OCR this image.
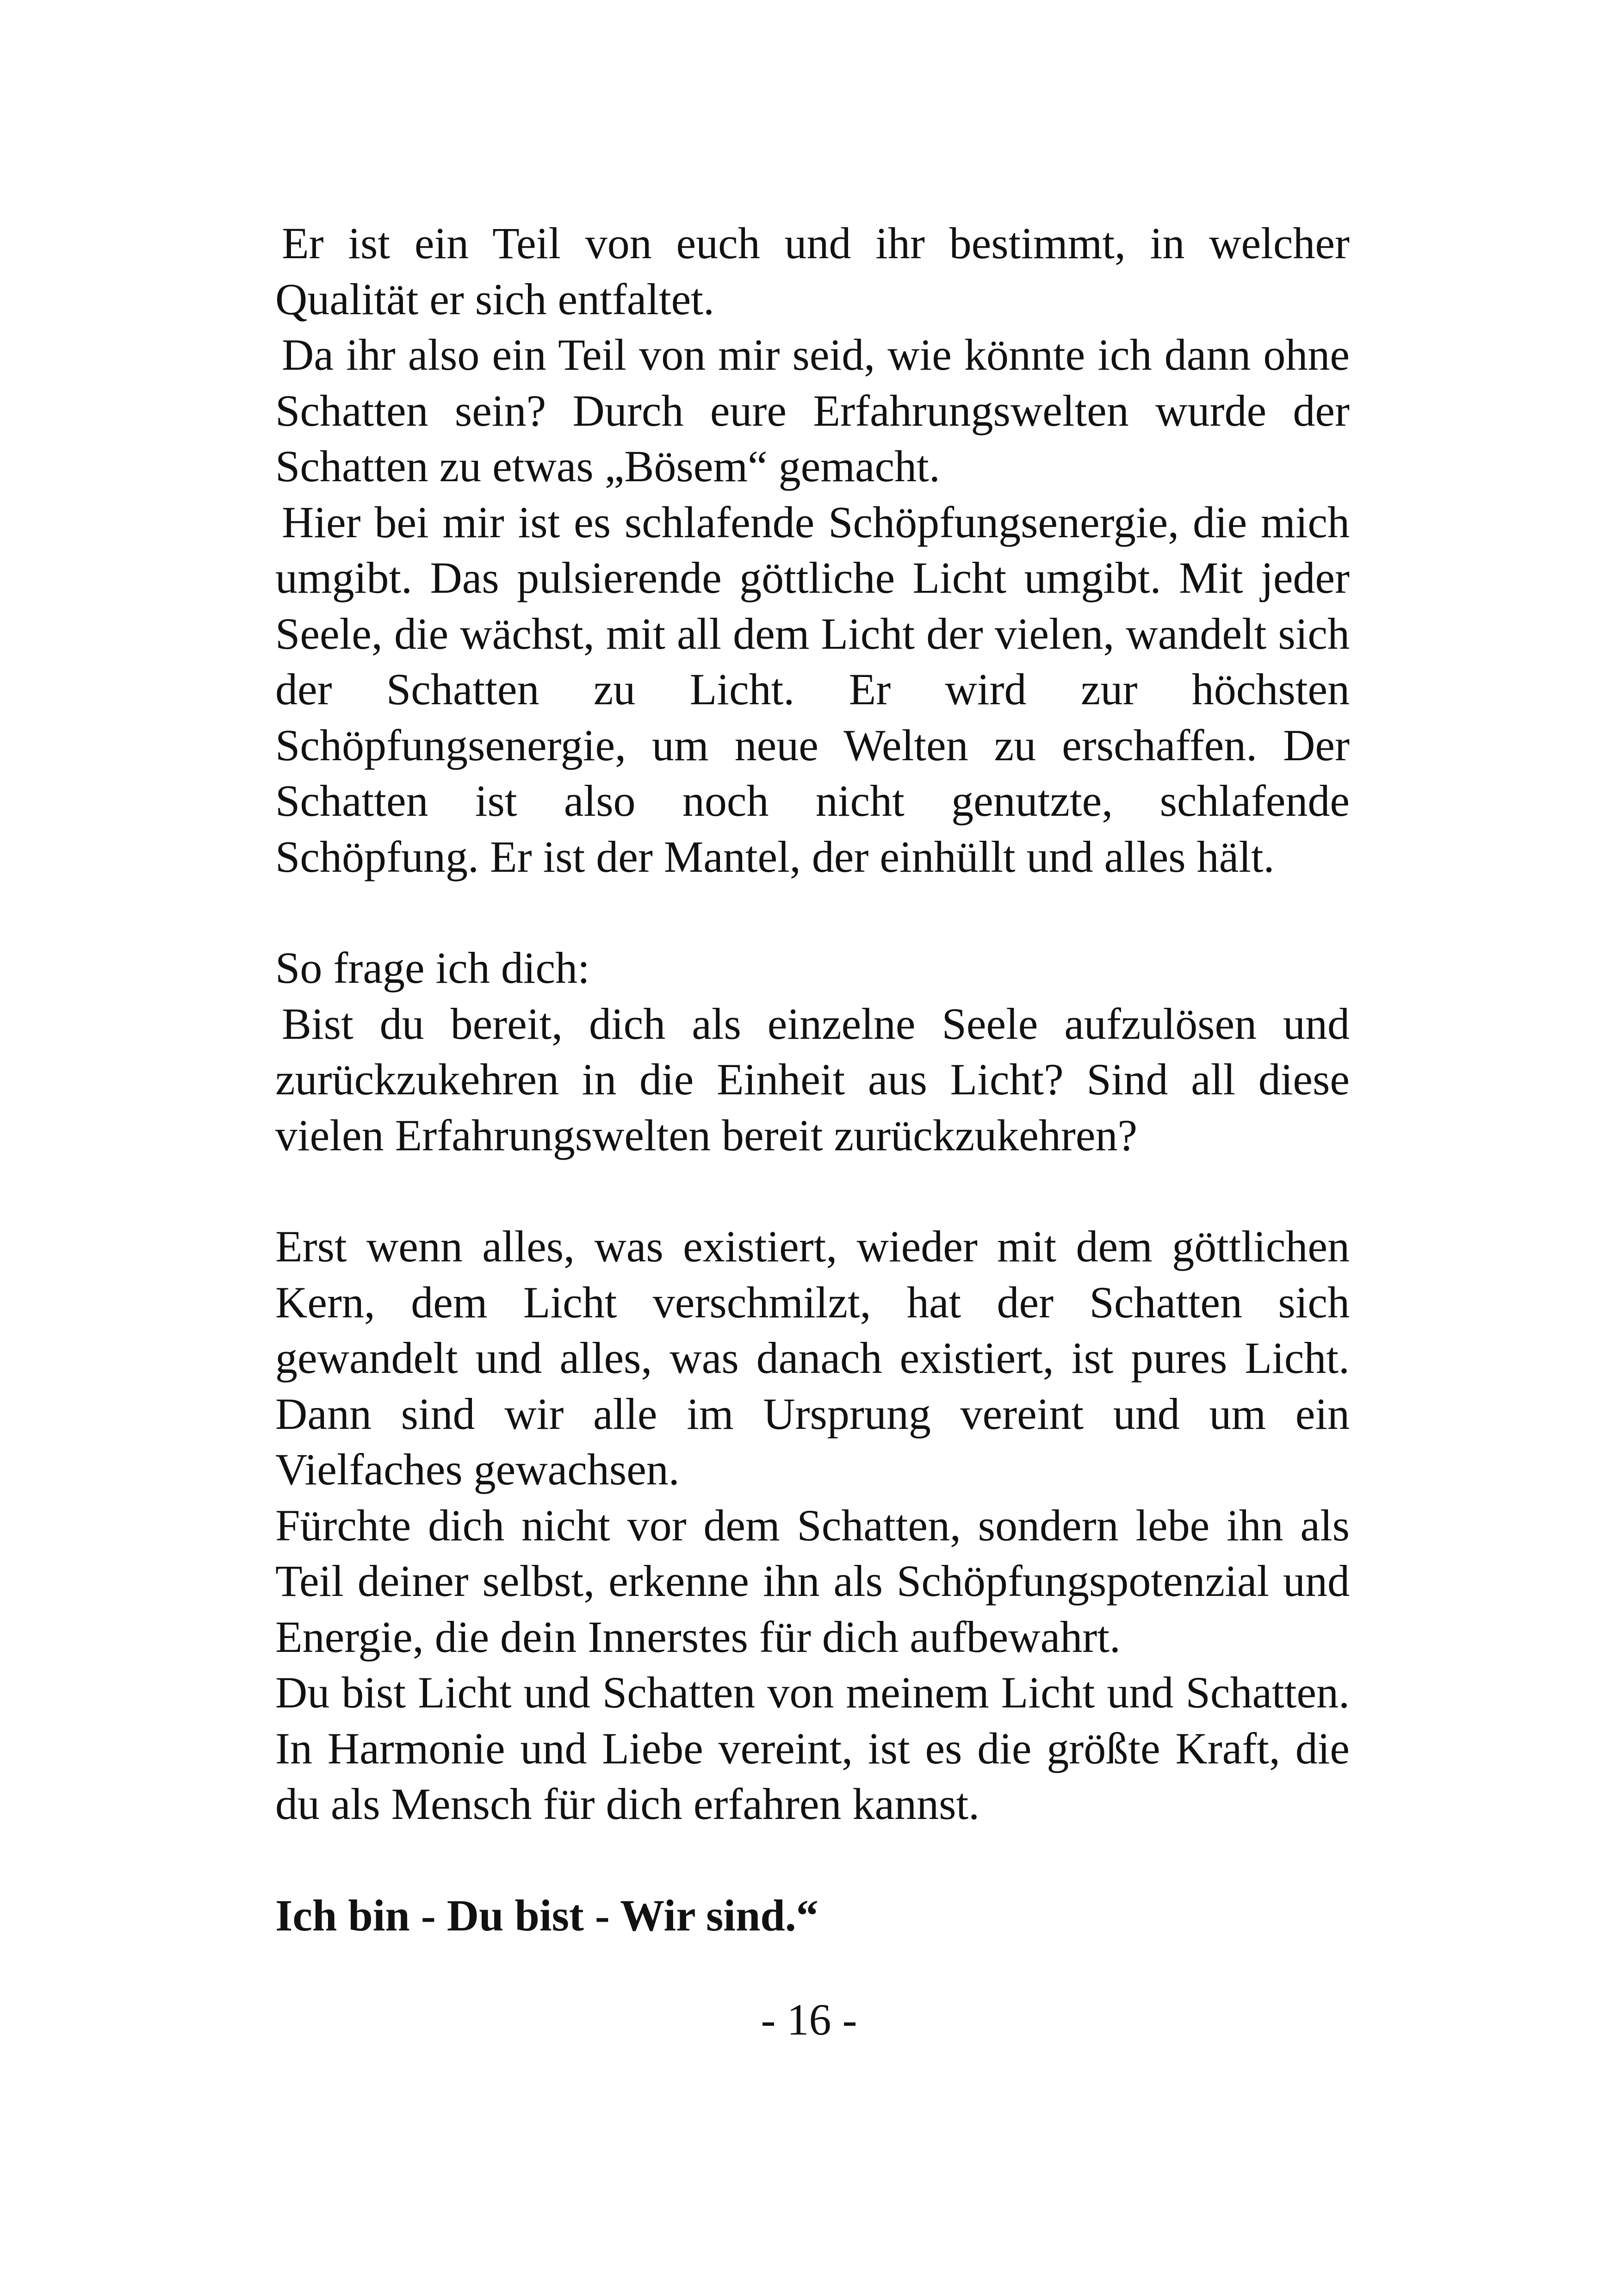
Er ist ein Teil von euch und ihr bestimmt, in welcher Qualität er sich entfaltet.

Da ihr also ein Teil von mir seid, wie könnte ich dann ohne Schatten sein? Durch eure Erfahrungswelten wurde der Schatten zu etwas „Bösem“ gemacht.

Hier bei mir ist es schlafende Schöpfungsenergie, die mich umgibt. Das pulsierende göttliche Licht umgibt. Mit jeder Seele, die wächst, mit all dem Licht der vielen, wandelt sich der Schatten zu Licht. Er wird zur höchsten Schöpfungsenergie, um neue Welten zu erschaffen. Der Schatten ist also noch nicht genutzte, schlafende Schöpfung. Er ist der Mantel, der einhüllt und alles hält.

So frage ich dich:

Bist du bereit, dich als einzelne Seele aufzulösen und zurückzukehren in die Einheit aus Licht? Sind all diese vielen Erfahrungswelten bereit zurückzukehren?

Erst wenn alles, was existiert, wieder mit dem göttlichen Kern, dem Licht verschmilzt, hat der Schatten sich gewandelt und alles, was danach existiert, ist pures Licht. Dann sind wir alle im Ursprung vereint und um ein Vielfaches gewachsen.

Fürchte dich nicht vor dem Schatten, sondern lebe ihn als Teil deiner selbst, erkenne ihn als Schöpfungspotenzial und Energie, die dein Innerstes für dich aufbewahrt.

Du bist Licht und Schatten von meinem Licht und Schatten. In Harmonie und Liebe vereint, ist es die größte Kraft, die du als Mensch für dich erfahren kannst.

Ich bin - Du bist - Wir sind.“

- 16 -
